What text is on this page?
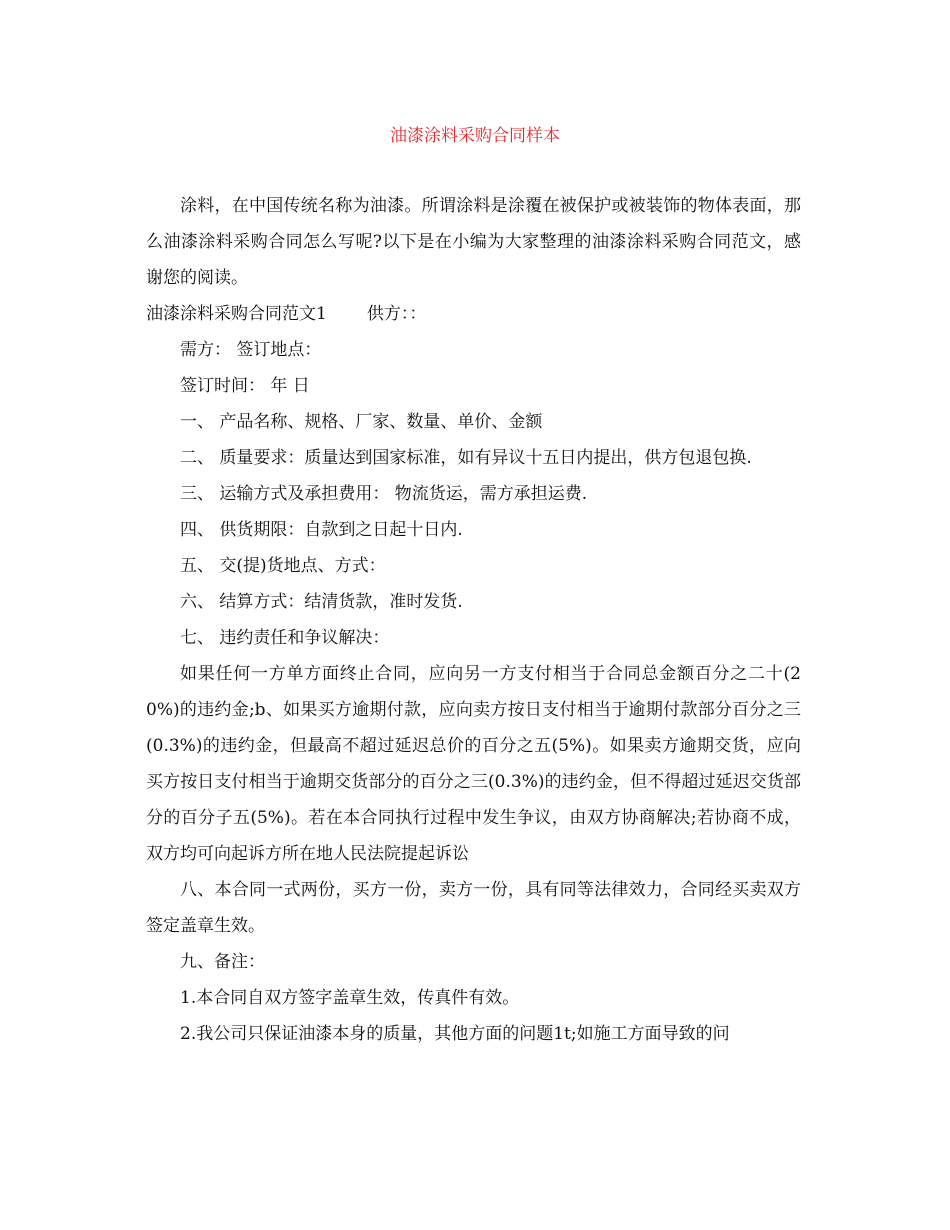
油漆涂料采购合同样本

涂料，在中国传统名称为油漆。所谓涂料是涂覆在被保护或被装饰的物体表面，那么油漆涂料采购合同怎么写呢?以下是在小编为大家整理的油漆涂料采购合同范文，感谢您的阅读。

油漆涂料采购合同范文1 供方：：

需方： 签订地点：

签订时间： 年 日

一、 产品名称、规格、厂家、数量、单价、金额

二、 质量要求：质量达到国家标准，如有异议十五日内提出，供方包退包换.

三、 运输方式及承担费用： 物流货运，需方承担运费.

四、 供货期限：自款到之日起十日内.

五、 交(提)货地点、方式：

六、 结算方式：结清货款，准时发货.

七、 违约责任和争议解决：

如果任何一方单方面终止合同，应向另一方支付相当于合同总金额百分之二十(20%)的违约金;b、如果买方逾期付款，应向卖方按日支付相当于逾期付款部分百分之三(0.3%)的违约金，但最高不超过延迟总价的百分之五(5%)。如果卖方逾期交货，应向买方按日支付相当于逾期交货部分的百分之三(0.3%)的违约金，但不得超过延迟交货部分的百分子五(5%)。若在本合同执行过程中发生争议，由双方协商解决;若协商不成，双方均可向起诉方所在地人民法院提起诉讼

八、本合同一式两份，买方一份，卖方一份，具有同等法律效力，合同经买卖双方签定盖章生效。

九、备注：

1.本合同自双方签字盖章生效，传真件有效。

2.我公司只保证油漆本身的质量，其他方面的问题1t;如施工方面导致的问
